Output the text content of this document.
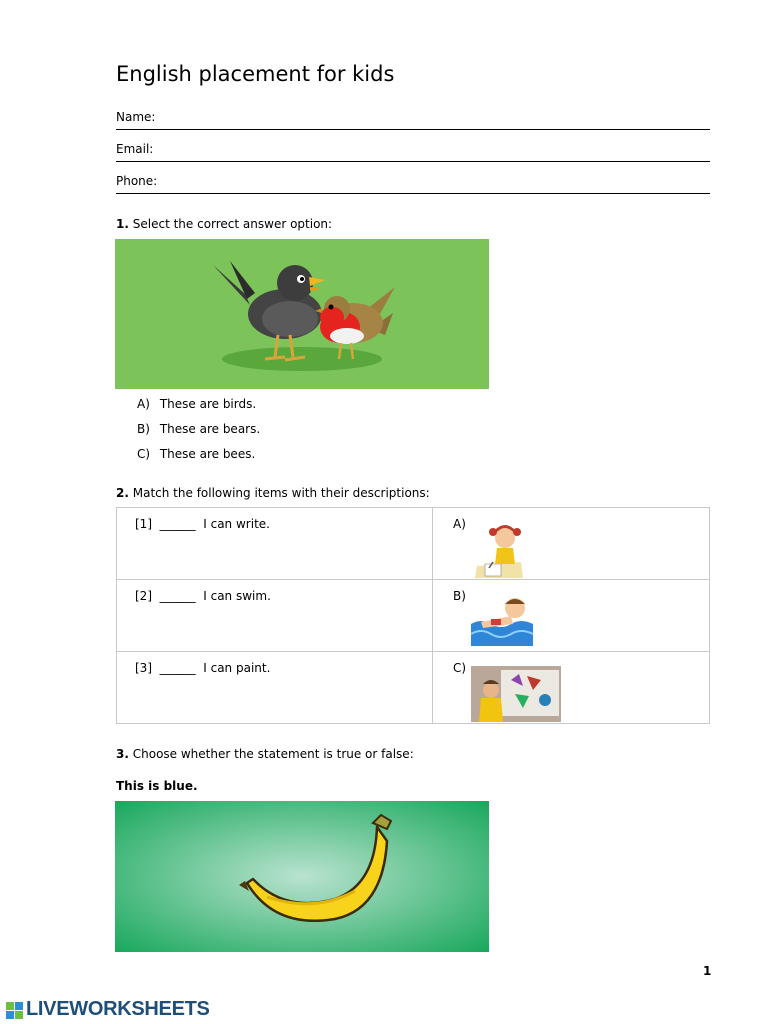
English placement for kids
Name:
Email:
Phone:
1. Select the correct answer option:
A) These are birds.
B) These are bears.
C) These are bees.
2. Match the following items with their descriptions:
[1]  ______  I can write.	A)

[2]  ______  I can swim.	B)

[3]  ______  I can paint.	C)
3. Choose whether the statement is true or false:
This is blue.
1
LIVEWORKSHEETS
